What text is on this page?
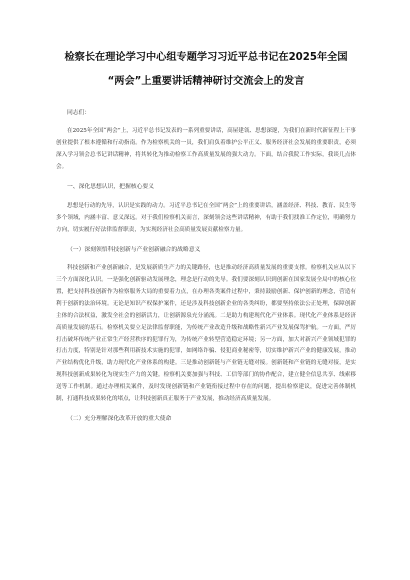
检察长在理论学习中心组专题学习习近平总书记在2025年全国
“两会”上重要讲话精神研讨交流会上的发言

同志们：

在2025年全国“两会”上，习近平总书记发表的一系列重要讲话，高屋建瓴、思想深邃，为我们在新时代新征程上干事创业提供了根本遵循和行动指南。作为检察机关的一员，我们肩负着维护公平正义、服务经济社会发展的重要职责，必须深入学习领会总书记讲话精神，将其转化为推动检察工作高质量发展的强大动力。下面，结合我院工作实际，我谈几点体会。

一、深化思想认识，把握核心要义

思想是行动的先导，认识是实践的动力。习近平总书记在全国“两会”上的重要讲话，涵盖经济、科技、教育、民生等多个领域，内涵丰富、意义深远。对于我们检察机关而言，深刻领会这些讲话精神，有助于我们找准工作定位，明确努力方向，切实履行好法律监督职责，为实现经济社会高质量发展贡献检察力量。

（一）深刻领悟科技创新与产业创新融合的战略意义

科技创新和产业创新融合，是发展新质生产力的关键路径，也是推动经济高质量发展的重要支撑。检察机关应从以下三个方面深化认识。一是强化创新驱动发展理念，理念是行动的先导。我们要深刻认识到创新在国家发展全局中的核心位置，把支持科技创新作为检察服务大局的重要着力点，在办理各类案件过程中，秉持鼓励创新、保护创新的理念，营造有利于创新的法治环境。无论是知识产权保护案件，还是涉及科技创新企业的各类纠纷，都要坚持依法公正处理，保障创新主体的合法权益，激发全社会的创新活力，让创新源泉充分涌流。二是助力构建现代化产业体系。现代化产业体系是经济高质量发展的基石。检察机关要立足法律监督职能，为传统产业改造升级和战略性新兴产业发展保驾护航。一方面，严厉打击破坏传统产业正常生产经营秩序的犯罪行为，为传统产业转型营造稳定环境；另一方面，加大对新兴产业领域犯罪的打击力度，特别是针对那些利用新技术实施的犯罪，如网络诈骗、侵犯商业秘密等，切实维护新兴产业的健康发展，推动产业结构优化升级，助力现代化产业体系的构建。三是推动创新链与产业链无缝对接。创新链和产业链的无缝对接，是实现科技创新成果转化为现实生产力的关键。检察机关要加强与科技、工信等部门的协作配合，建立健全信息共享、线索移送等工作机制。通过办理相关案件，及时发现创新链和产业链衔接过程中存在的问题，提出检察建议，促进完善体制机制，打通科技成果转化的堵点，让科技创新真正服务于产业发展，推动经济高质量发展。

（二）充分理解深化改革开放的重大使命
